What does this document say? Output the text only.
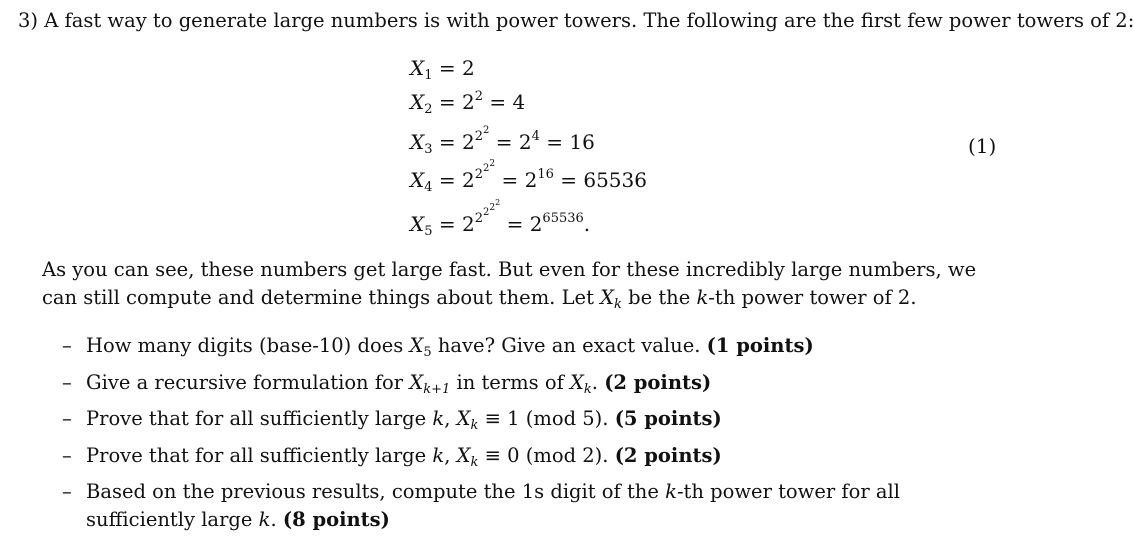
3) A fast way to generate large numbers is with power towers. The following are the first few power towers of 2:
$X_1 = 2$
$X_2 = 2^2 = 4$
$X_3 = 2^{22} = 2^4 = 16$
$X_4 = 2^{222} = 2^{16} = 65536$
$X_5 = 2^{2222} = 2^{65536}$.
(1)
As you can see, these numbers get large fast. But even for these incredibly large numbers, we can still compute and determine things about them. Let $X_k$ be the k-th power tower of 2.
– How many digits (base-10) does $X_5$ have? Give an exact value. (1 points)
– Give a recursive formulation for $X_{k+1}$ in terms of $X_k$. (2 points)
– Prove that for all sufficiently large k, $X_k \equiv 1$ (mod 5). (5 points)
– Prove that for all sufficiently large k, $X_k \equiv 0$ (mod 2). (2 points)
– Based on the previous results, compute the 1s digit of the k-th power tower for all sufficiently large k. (8 points)
